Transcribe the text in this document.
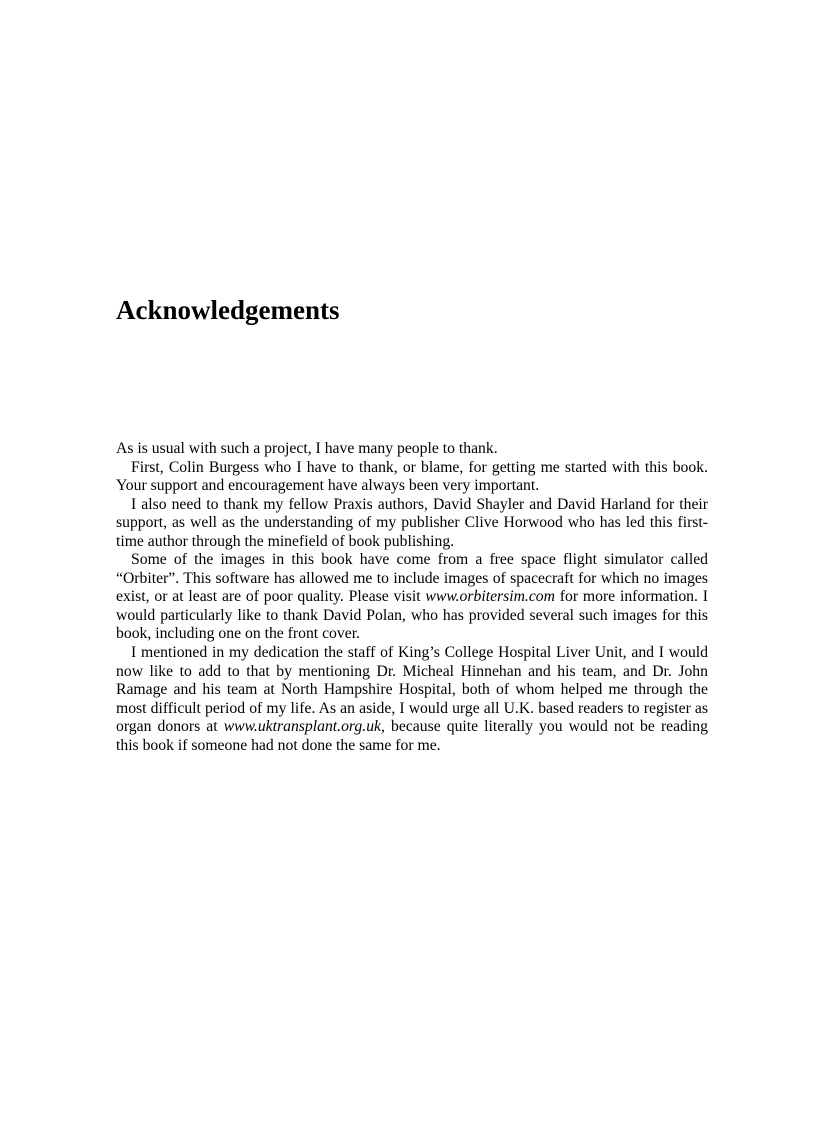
Acknowledgements

As is usual with such a project, I have many people to thank.

First, Colin Burgess who I have to thank, or blame, for getting me started with this book. Your support and encouragement have always been very important.

I also need to thank my fellow Praxis authors, David Shayler and David Harland for their support, as well as the understanding of my publisher Clive Horwood who has led this first-time author through the minefield of book publishing.

Some of the images in this book have come from a free space flight simulator called “Orbiter”. This software has allowed me to include images of spacecraft for which no images exist, or at least are of poor quality. Please visit www.orbitersim.com for more information. I would particularly like to thank David Polan, who has provided several such images for this book, including one on the front cover.

I mentioned in my dedication the staff of King’s College Hospital Liver Unit, and I would now like to add to that by mentioning Dr. Micheal Hinnehan and his team, and Dr. John Ramage and his team at North Hampshire Hospital, both of whom helped me through the most difficult period of my life. As an aside, I would urge all U.K. based readers to register as organ donors at www.uktransplant.org.uk, because quite literally you would not be reading this book if someone had not done the same for me.
